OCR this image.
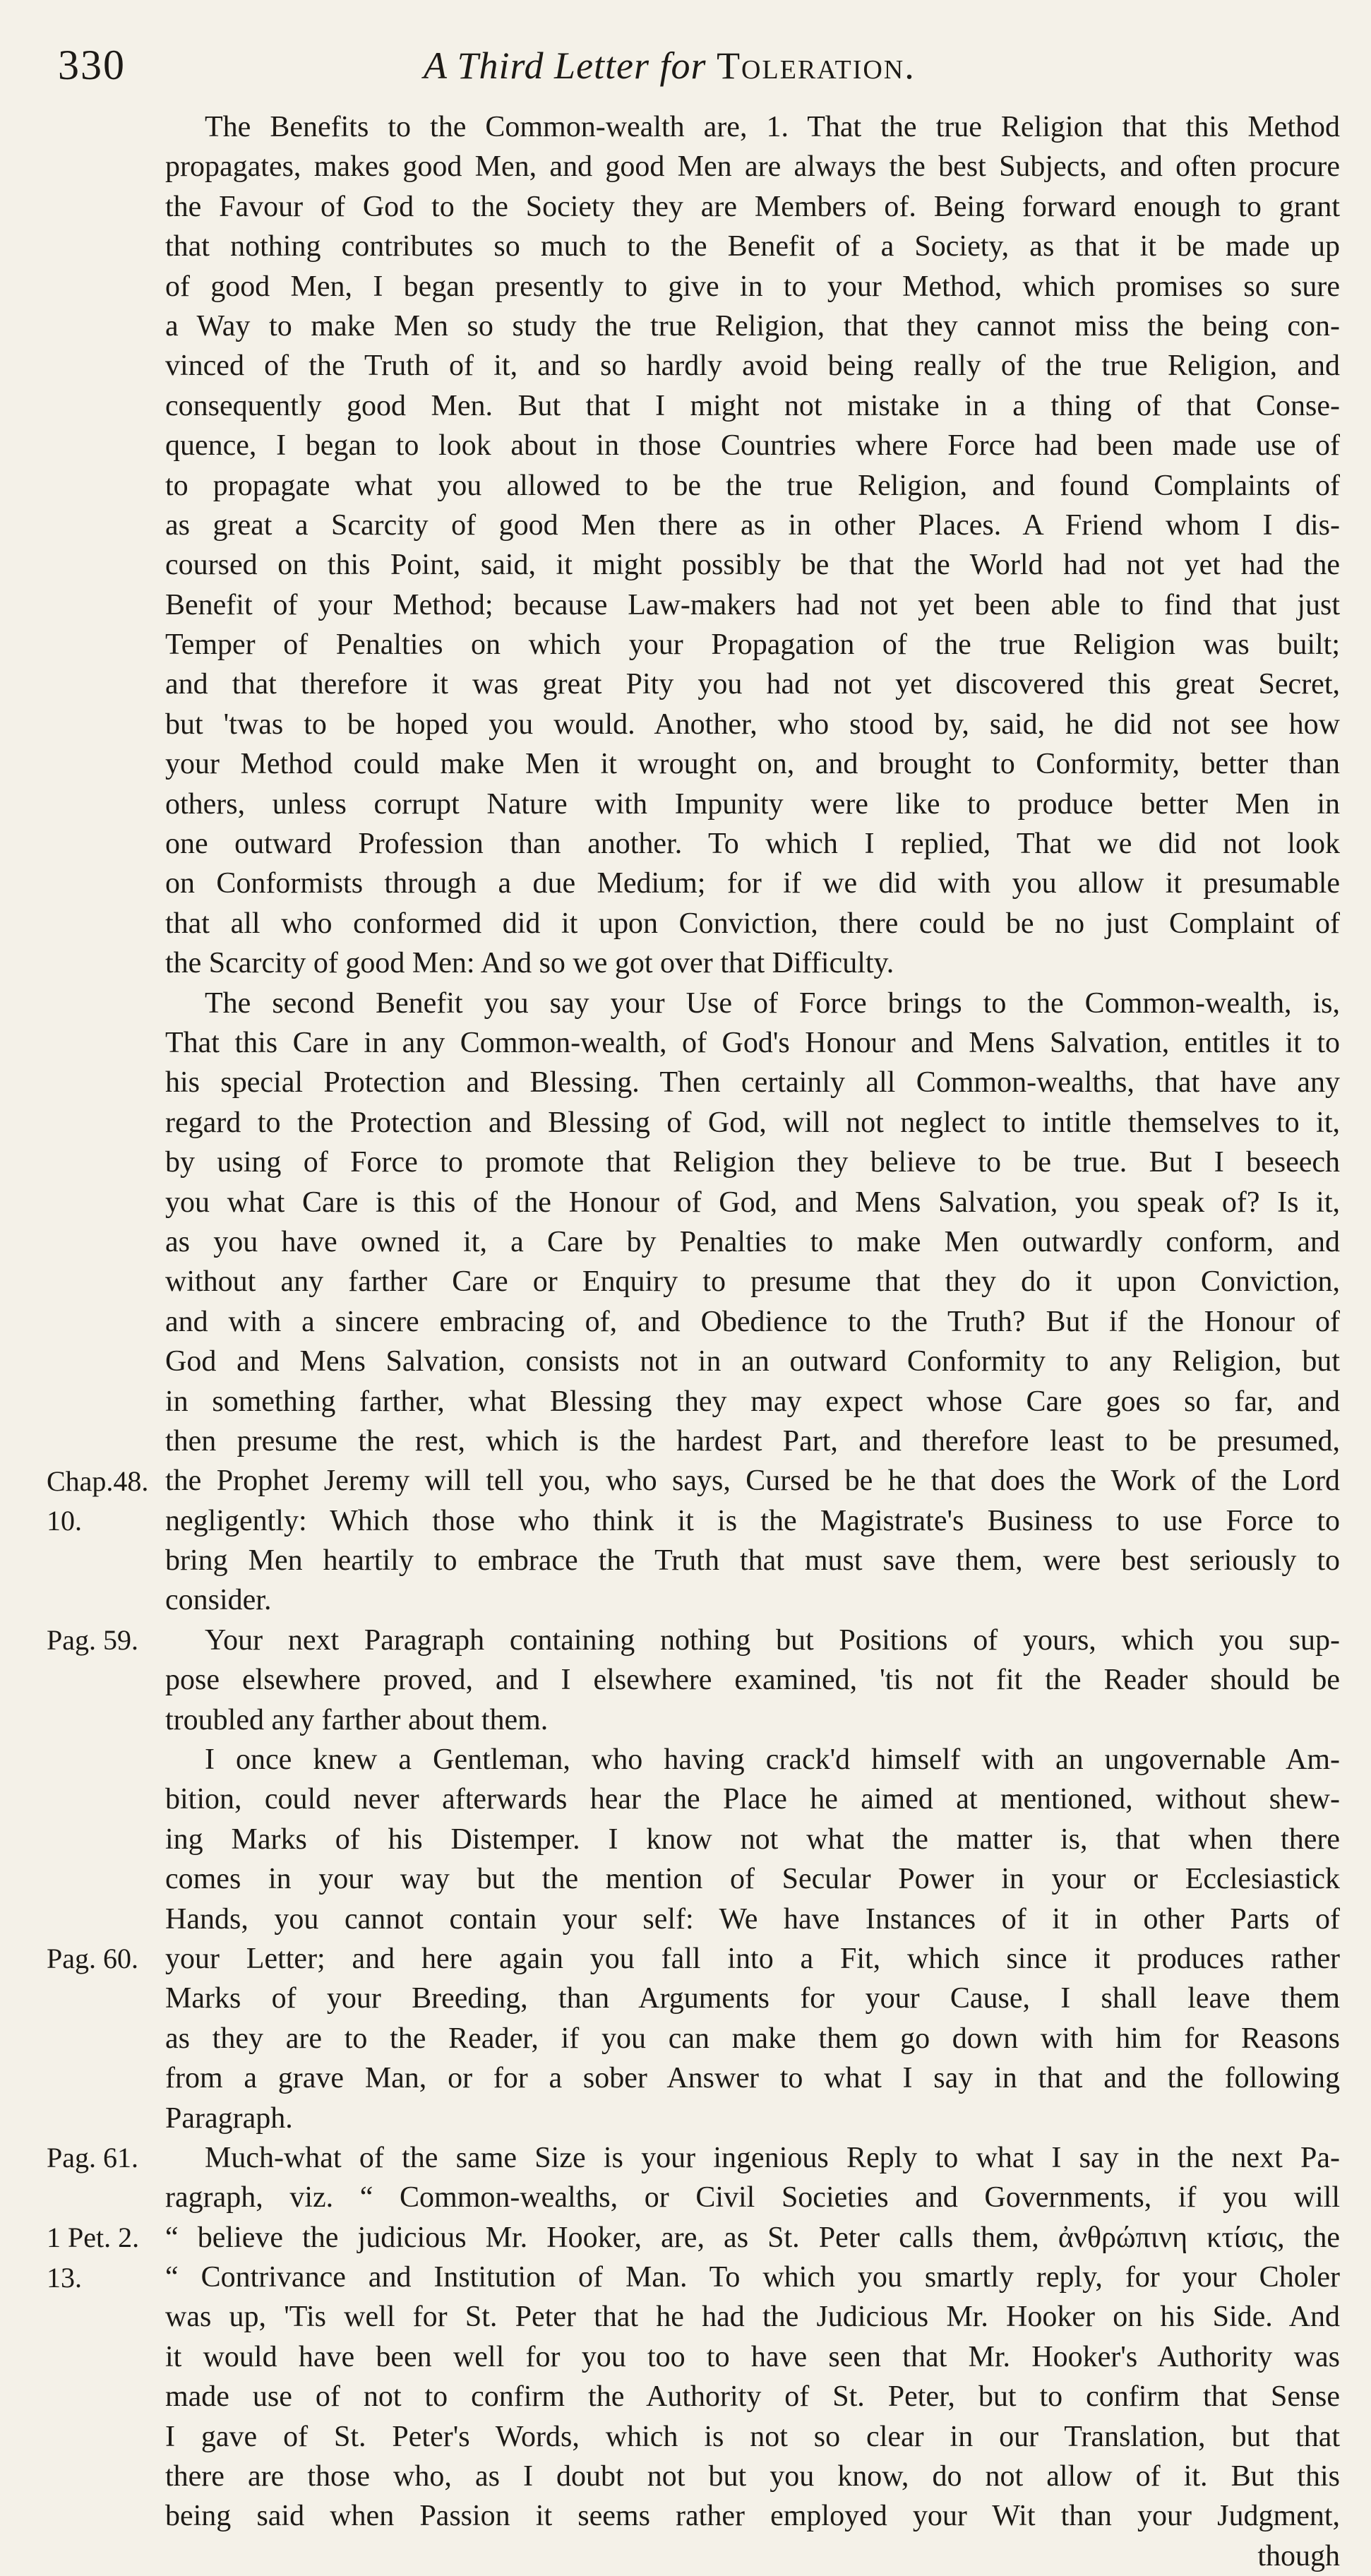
330	A Third Letter for Toleration.
The Benefits to the Common-wealth are, 1. That the true Religion that this Method
propagates, makes good Men, and good Men are always the best Subjects, and often procure
the Favour of God to the Society they are Members of. Being forward enough to grant
that nothing contributes so much to the Benefit of a Society, as that it be made up
of good Men, I began presently to give in to your Method, which promises so sure
a Way to make Men so study the true Religion, that they cannot miss the being con-
vinced of the Truth of it, and so hardly avoid being really of the true Religion, and
consequently good Men. But that I might not mistake in a thing of that Conse-
quence, I began to look about in those Countries where Force had been made use of
to propagate what you allowed to be the true Religion, and found Complaints of
as great a Scarcity of good Men there as in other Places. A Friend whom I dis-
coursed on this Point, said, it might possibly be that the World had not yet had the
Benefit of your Method; because Law-makers had not yet been able to find that just
Temper of Penalties on which your Propagation of the true Religion was built;
and that therefore it was great Pity you had not yet discovered this great Secret,
but 'twas to be hoped you would. Another, who stood by, said, he did not see how
your Method could make Men it wrought on, and brought to Conformity, better than
others, unless corrupt Nature with Impunity were like to produce better Men in
one outward Profession than another. To which I replied, That we did not look
on Conformists through a due Medium; for if we did with you allow it presumable
that all who conformed did it upon Conviction, there could be no just Complaint of
the Scarcity of good Men: And so we got over that Difficulty.
The second Benefit you say your Use of Force brings to the Common-wealth, is,
That this Care in any Common-wealth, of God's Honour and Mens Salvation, entitles it to
his special Protection and Blessing. Then certainly all Common-wealths, that have any
regard to the Protection and Blessing of God, will not neglect to intitle themselves to it,
by using of Force to promote that Religion they believe to be true. But I beseech
you what Care is this of the Honour of God, and Mens Salvation, you speak of? Is it,
as you have owned it, a Care by Penalties to make Men outwardly conform, and
without any farther Care or Enquiry to presume that they do it upon Conviction,
and with a sincere embracing of, and Obedience to the Truth? But if the Honour of
God and Mens Salvation, consists not in an outward Conformity to any Religion, but
in something farther, what Blessing they may expect whose Care goes so far, and
then presume the rest, which is the hardest Part, and therefore least to be presumed,
the Prophet Jeremy will tell you, who says, Cursed be he that does the Work of the Lord
negligently: Which those who think it is the Magistrate's Business to use Force to
bring Men heartily to embrace the Truth that must save them, were best seriously to
consider.
Your next Paragraph containing nothing but Positions of yours, which you sup-
pose elsewhere proved, and I elsewhere examined, 'tis not fit the Reader should be
troubled any farther about them.
I once knew a Gentleman, who having crack'd himself with an ungovernable Am-
bition, could never afterwards hear the Place he aimed at mentioned, without shew-
ing Marks of his Distemper. I know not what the matter is, that when there
comes in your way but the mention of Secular Power in your or Ecclesiastick
Hands, you cannot contain your self: We have Instances of it in other Parts of
your Letter; and here again you fall into a Fit, which since it produces rather
Marks of your Breeding, than Arguments for your Cause, I shall leave them
as they are to the Reader, if you can make them go down with him for Reasons
from a grave Man, or for a sober Answer to what I say in that and the following
Paragraph.
Much-what of the same Size is your ingenious Reply to what I say in the next Pa-
ragraph, viz. “ Common-wealths, or Civil Societies and Governments, if you will
“ believe the judicious Mr. Hooker, are, as St. Peter calls them, ἀνθρώπινη κτίσις, the
“ Contrivance and Institution of Man. To which you smartly reply, for your Choler
was up, 'Tis well for St. Peter that he had the Judicious Mr. Hooker on his Side. And
it would have been well for you too to have seen that Mr. Hooker's Authority was
made use of not to confirm the Authority of St. Peter, but to confirm that Sense
I gave of St. Peter's Words, which is not so clear in our Translation, but that
there are those who, as I doubt not but you know, do not allow of it. But this
being said when Passion it seems rather employed your Wit than your Judgment,
though
Chap.48.
10.
Pag. 59.
Pag. 60.
Pag. 61.
1 Pet. 2.
13.
